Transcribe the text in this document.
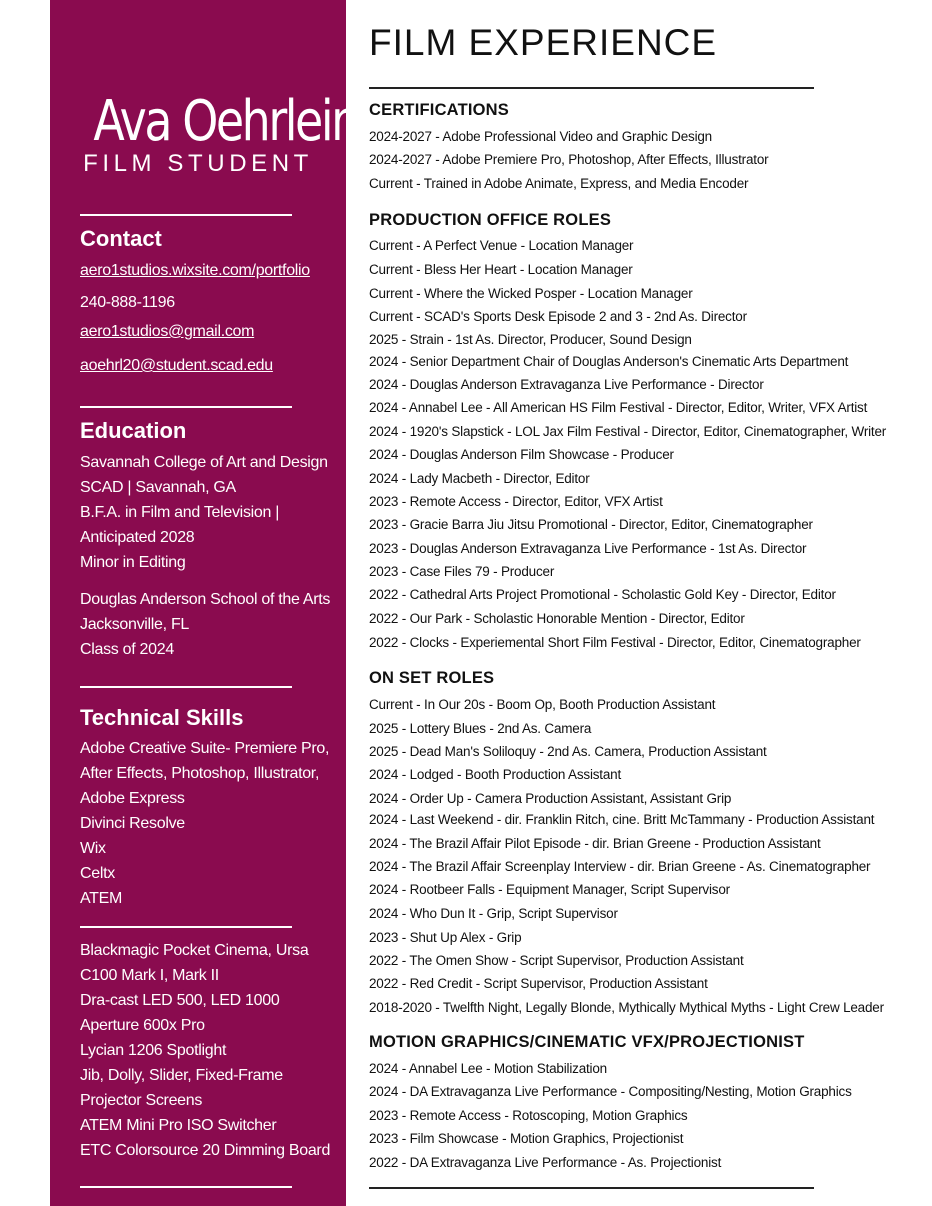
Ava Oehrlein
FILM STUDENT
Contact
aero1studios.wixsite.com/portfolio
240-888-1196
aero1studios@gmail.com
aoehrl20@student.scad.edu
Education
Savannah College of Art and Design
SCAD | Savannah, GA
B.F.A. in Film and Television |
Anticipated 2028
Minor in Editing
Douglas Anderson School of the Arts
Jacksonville, FL
Class of 2024
Technical Skills
Adobe Creative Suite- Premiere Pro,
After Effects, Photoshop, Illustrator,
Adobe Express
Divinci Resolve
Wix
Celtx
ATEM
Blackmagic Pocket Cinema, Ursa
C100 Mark I, Mark II
Dra-cast LED 500, LED 1000
Aperture 600x Pro
Lycian 1206 Spotlight
Jib, Dolly, Slider, Fixed-Frame
Projector Screens
ATEM Mini Pro ISO Switcher
ETC Colorsource 20 Dimming Board
FILM EXPERIENCE
CERTIFICATIONS
2024-2027 - Adobe Professional Video and Graphic Design
2024-2027 - Adobe Premiere Pro, Photoshop, After Effects, Illustrator
Current - Trained in Adobe Animate, Express, and Media Encoder
PRODUCTION OFFICE ROLES
Current - A Perfect Venue - Location Manager
Current - Bless Her Heart - Location Manager
Current - Where the Wicked Posper - Location Manager
Current - SCAD's Sports Desk Episode 2 and 3 - 2nd As. Director
2025 - Strain - 1st As. Director, Producer, Sound Design
2024 - Senior Department Chair of Douglas Anderson's Cinematic Arts Department
2024 - Douglas Anderson Extravaganza Live Performance - Director
2024 - Annabel Lee - All American HS Film Festival - Director, Editor, Writer, VFX Artist
2024 - 1920's Slapstick - LOL Jax Film Festival - Director, Editor, Cinematographer, Writer
2024 - Douglas Anderson Film Showcase - Producer
2024 - Lady Macbeth - Director, Editor
2023 - Remote Access - Director, Editor, VFX Artist
2023 - Gracie Barra Jiu Jitsu Promotional - Director, Editor, Cinematographer
2023 - Douglas Anderson Extravaganza Live Performance - 1st As. Director
2023 - Case Files 79 - Producer
2022 - Cathedral Arts Project Promotional - Scholastic Gold Key - Director, Editor
2022 - Our Park - Scholastic Honorable Mention - Director, Editor
2022 - Clocks - Experiemental Short Film Festival - Director, Editor, Cinematographer
ON SET ROLES
Current - In Our 20s - Boom Op, Booth Production Assistant
2025 - Lottery Blues - 2nd As. Camera
2025 - Dead Man's Soliloquy - 2nd As. Camera, Production Assistant
2024 - Lodged - Booth Production Assistant
2024 - Order Up - Camera Production Assistant, Assistant Grip
2024 - Last Weekend - dir. Franklin Ritch, cine. Britt McTammany - Production Assistant
2024 - The Brazil Affair Pilot Episode - dir. Brian Greene - Production Assistant
2024 - The Brazil Affair Screenplay Interview - dir. Brian Greene - As. Cinematographer
2024 - Rootbeer Falls - Equipment Manager, Script Supervisor
2024 - Who Dun It - Grip, Script Supervisor
2023 - Shut Up Alex - Grip
2022 - The Omen Show - Script Supervisor, Production Assistant
2022 - Red Credit - Script Supervisor, Production Assistant
2018-2020 - Twelfth Night, Legally Blonde, Mythically Mythical Myths - Light Crew Leader
MOTION GRAPHICS/CINEMATIC VFX/PROJECTIONIST
2024 - Annabel Lee - Motion Stabilization
2024 - DA Extravaganza Live Performance - Compositing/Nesting, Motion Graphics
2023 - Remote Access - Rotoscoping, Motion Graphics
2023 - Film Showcase - Motion Graphics, Projectionist
2022 - DA Extravaganza Live Performance - As. Projectionist
